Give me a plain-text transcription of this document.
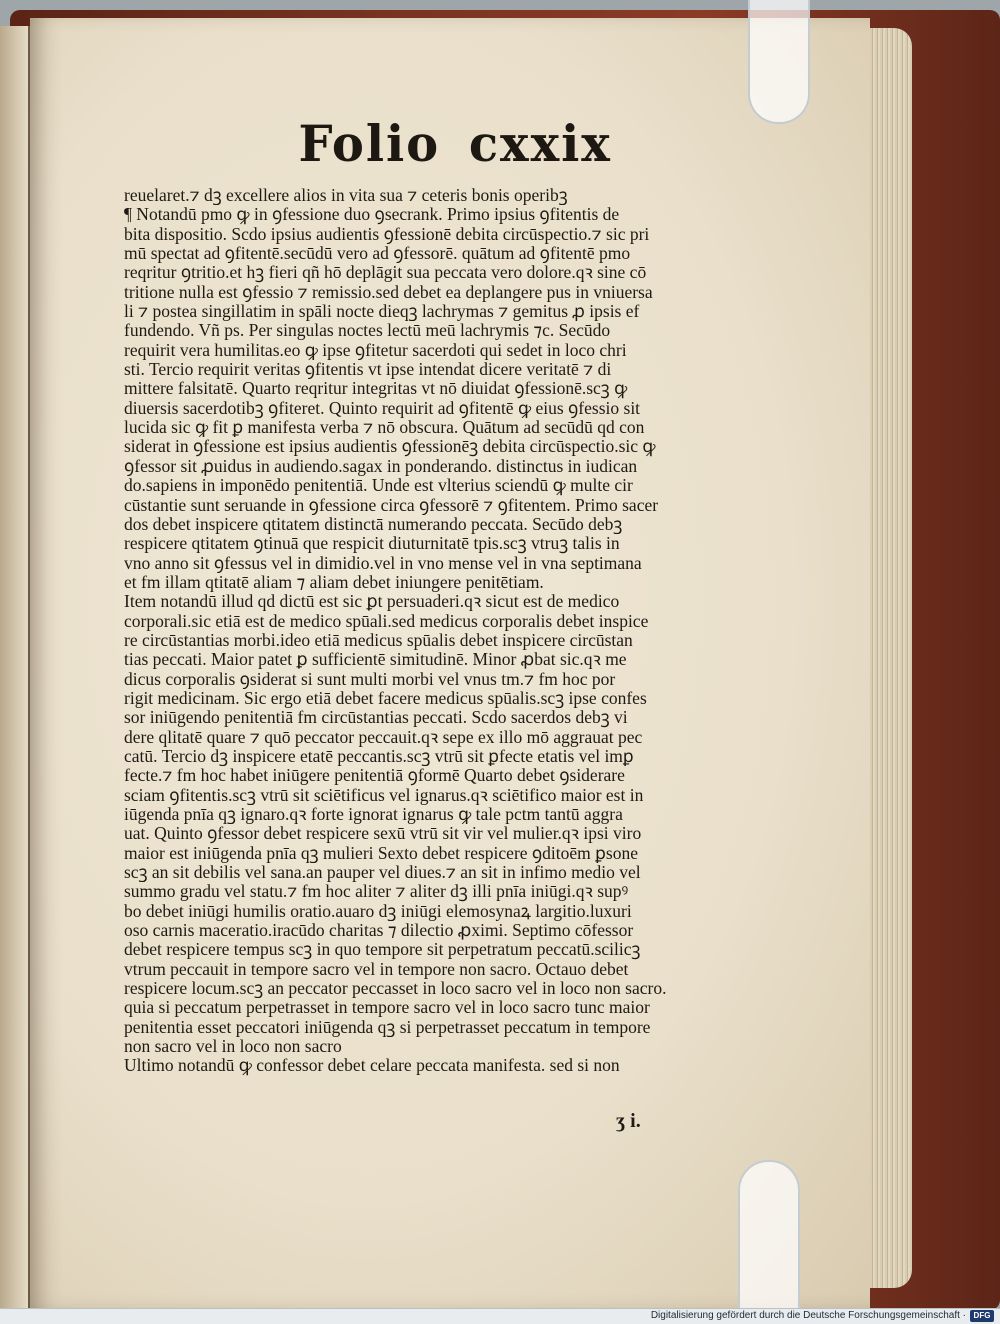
Folio cxxix
reuelaret.⁊ dꝫ excellere alios in vita sua ⁊ ceteris bonis operibꝫ
¶ Notandū pmo ꝙ in ꝯfessione duo ꝯsecrank. Primo ipsius ꝯfitentis de
bita dispositio. Scdo ipsius audientis ꝯfessionē debita circūspectio.⁊ sic pri
mū spectat ad ꝯfitentē.secūdū vero ad ꝯfessorē. quātum ad ꝯfitentē pmo
reqritur ꝯtritio.et hꝫ fieri qñ hō deplāgit sua peccata vero dolore.qꝛ sine cō
tritione nulla est ꝯfessio ⁊ remissio.sed debet ea deplangere pus in vniuersa
li ⁊ postea singillatim in spāli nocte dieqꝫ lachrymas ⁊ gemitus ꝓ ipsis ef
fundendo. Vñ ps. Per singulas noctes lectū meū lachrymis ⁊c. Secūdo
requirit vera humilitas.eo ꝙ ipse ꝯfitetur sacerdoti qui sedet in loco chri
sti. Tercio requirit veritas ꝯfitentis vt ipse intendat dicere veritatē ⁊ di
mittere falsitatē. Quarto reqritur integritas vt nō diuidat ꝯfessionē.scꝫ ꝙ
diuersis sacerdotibꝫ ꝯfiteret. Quinto requirit ad ꝯfitentē ꝙ eius ꝯfessio sit
lucida sic ꝙ fit ꝑ manifesta verba ⁊ nō obscura. Quātum ad secūdū qd con
siderat in ꝯfessione est ipsius audientis ꝯfessionēꝫ debita circūspectio.sic ꝙ
ꝯfessor sit ꝓuidus in audiendo.sagax in ponderando. distinctus in iudican
do.sapiens in imponēdo penitentiā. Unde est vlterius sciendū ꝙ multe cir
cūstantie sunt seruande in ꝯfessione circa ꝯfessorē ⁊ ꝯfitentem. Primo sacer
dos debet inspicere qtitatem distinctā numerando peccata. Secūdo debꝫ
respicere qtitatem ꝯtinuā que respicit diuturnitatē tpis.scꝫ vtruꝫ talis in
vno anno sit ꝯfessus vel in dimidio.vel in vno mense vel in vna septimana
et fm illam qtitatē aliam ⁊ aliam debet iniungere penitētiam.
Item notandū illud qd dictū est sic ꝑt persuaderi.qꝛ sicut est de medico
corporali.sic etiā est de medico spūali.sed medicus corporalis debet inspice
re circūstantias morbi.ideo etiā medicus spūalis debet inspicere circūstan
tias peccati. Maior patet ꝑ sufficientē simitudinē. Minor ꝓbat sic.qꝛ me
dicus corporalis ꝯsiderat si sunt multi morbi vel vnus tm.⁊ fm hoc por
rigit medicinam. Sic ergo etiā debet facere medicus spūalis.scꝫ ipse confes
sor iniūgendo penitentiā fm circūstantias peccati. Scdo sacerdos debꝫ vi
dere qlitatē quare ⁊ quō peccator peccauit.qꝛ sepe ex illo mō aggrauat pec
catū. Tercio dꝫ inspicere etatē peccantis.scꝫ vtrū sit ꝑfecte etatis vel imꝑ
fecte.⁊ fm hoc habet iniūgere penitentiā ꝯformē Quarto debet ꝯsiderare
sciam ꝯfitentis.scꝫ vtrū sit sciētificus vel ignarus.qꝛ sciētifico maior est in
iūgenda pnīa qꝫ ignaro.qꝛ forte ignorat ignarus ꝙ tale pctm tantū aggra
uat. Quinto ꝯfessor debet respicere sexū vtrū sit vir vel mulier.qꝛ ipsi viro
maior est iniūgenda pnīa qꝫ mulieri Sexto debet respicere ꝯditoēm ꝑsone
scꝫ an sit debilis vel sana.an pauper vel diues.⁊ an sit in infimo medio vel
summo gradu vel statu.⁊ fm hoc aliter ⁊ aliter dꝫ illi pnīa iniūgi.qꝛ supꝰ
bo debet iniūgi humilis oratio.auaro dꝫ iniūgi elemosynaꝝ largitio.luxuri
oso carnis maceratio.iracūdo charitas ⁊ dilectio ꝓximi. Septimo cōfessor
debet respicere tempus scꝫ in quo tempore sit perpetratum peccatū.scilicꝫ
vtrum peccauit in tempore sacro vel in tempore non sacro. Octauo debet
respicere locum.scꝫ an peccator peccasset in loco sacro vel in loco non sacro.
quia si peccatum perpetrasset in tempore sacro vel in loco sacro tunc maior
penitentia esset peccatori iniūgenda qꝫ si perpetrasset peccatum in tempore
non sacro vel in loco non sacro
Ultimo notandū ꝙ confessor debet celare peccata manifesta. sed si non
ʒ i.
Digitalisierung gefördert durch die Deutsche Forschungsgemeinschaft · DFG
